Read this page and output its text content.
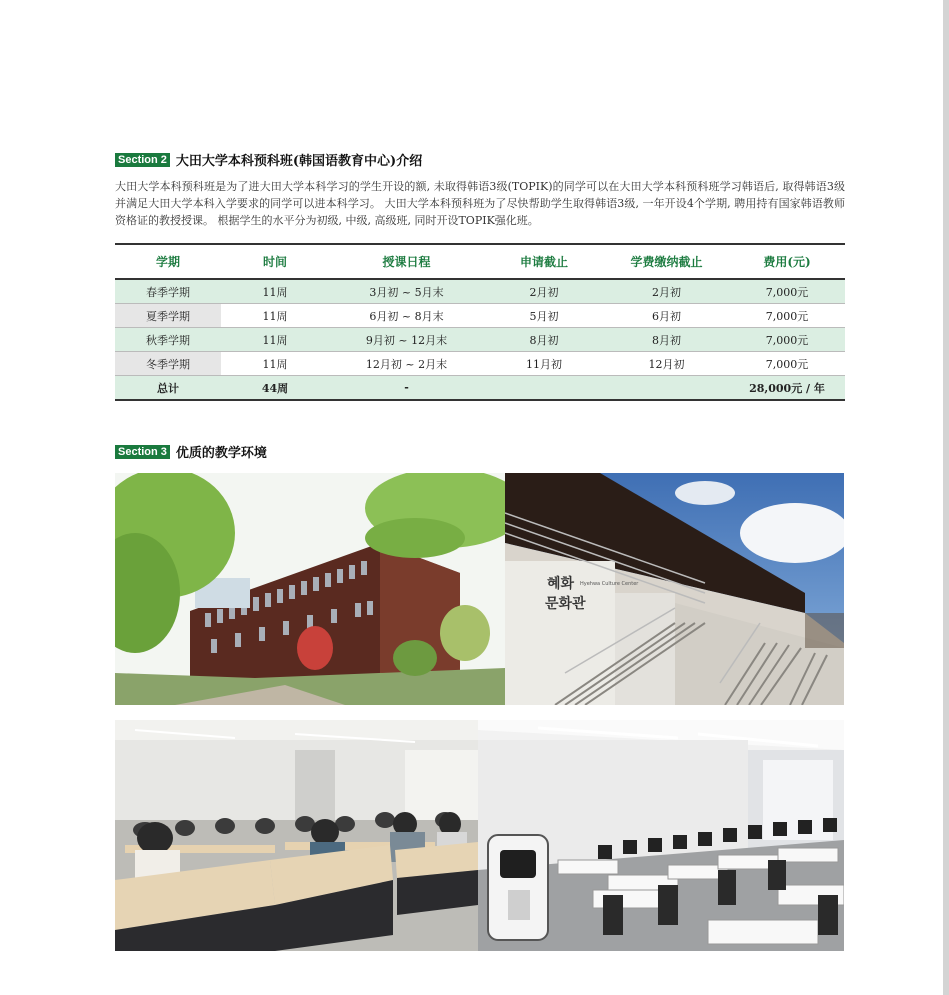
Section 2 大田大学本科预科班(韩国语教育中心)介绍
大田大学本科预科班是为了进大田大学本科学习的学生开设的额, 未取得韩语3级(TOPIK)的同学可以在大田大学本科预科班学习韩语后, 取得韩语3级并满足大田大学本科入学要求的同学可以进本科学习。 大田大学本科预科班为了尽快帮助学生取得韩语3级, 一年开设4个学期, 聘用持有国家韩语教师资格证的教授授课。 根据学生的水平分为初级, 中级, 高级班, 同时开设TOPIK强化班。
学期	时间	授课日程	申请截止	学费缴纳截止	费用(元)
春季学期	11周	3月初 ~ 5月末	2月初	2月初	7,000元
夏季学期	11周	6月初 ~ 8月末	5月初	6月初	7,000元
秋季学期	11周	9月初 ~ 12月末	8月初	8月初	7,000元
冬季学期	11周	12月初 ~ 2月末	11月初	12月初	7,000元
总计	44周	-			28,000元 / 年
Section 3 优质的教学环境
혜화
문화관
Hyehwa Culture Center
